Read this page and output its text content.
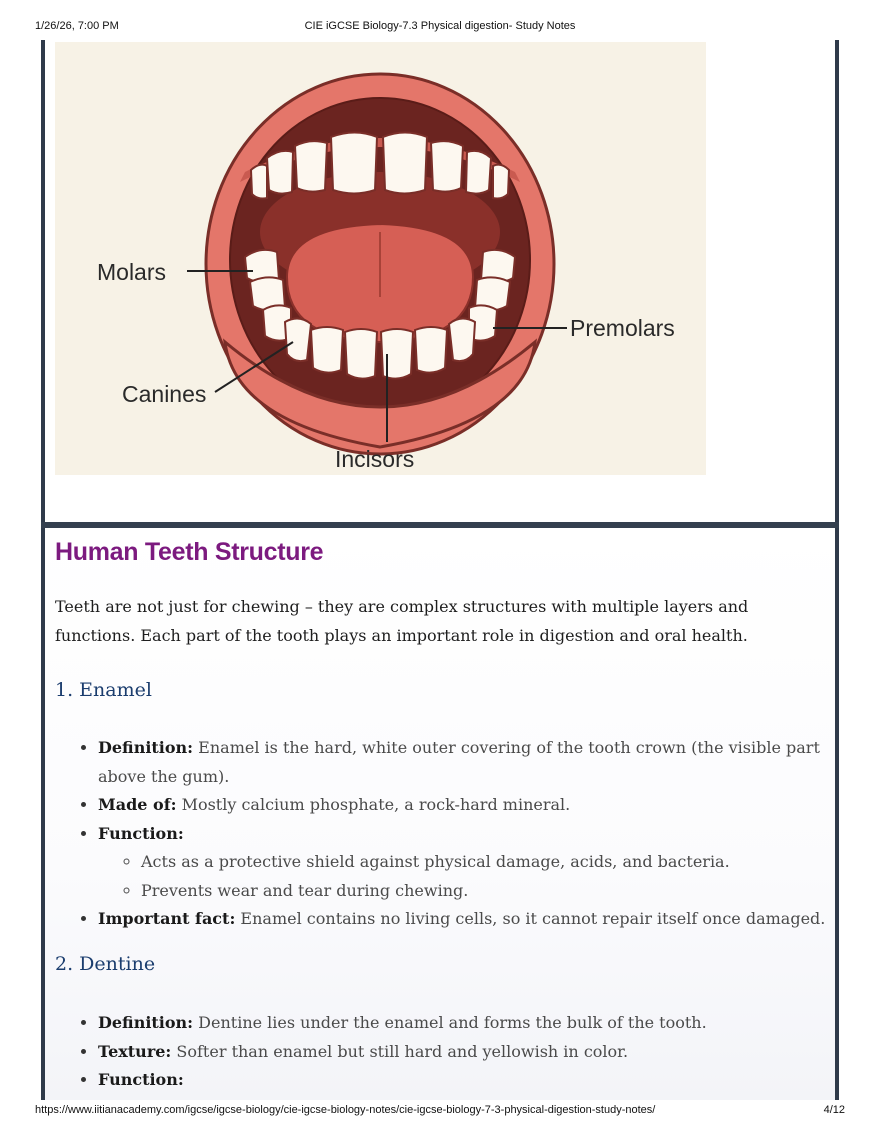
1/26/26, 7:00 PM	CIE iGCSE Biology-7.3 Physical digestion- Study Notes
Molars
Premolars
Canines
Incisors
Human Teeth Structure

Teeth are not just for chewing – they are complex structures with multiple layers and functions. Each part of the tooth plays an important role in digestion and oral health.

1. Enamel
• Definition: Enamel is the hard, white outer covering of the tooth crown (the visible part above the gum).
• Made of: Mostly calcium phosphate, a rock-hard mineral.
• Function:
◦ Acts as a protective shield against physical damage, acids, and bacteria.
◦ Prevents wear and tear during chewing.
• Important fact: Enamel contains no living cells, so it cannot repair itself once damaged.
2. Dentine
• Definition: Dentine lies under the enamel and forms the bulk of the tooth.
• Texture: Softer than enamel but still hard and yellowish in color.
• Function:
https://www.iitianacademy.com/igcse/igcse-biology/cie-igcse-biology-notes/cie-igcse-biology-7-3-physical-digestion-study-notes/	4/12
